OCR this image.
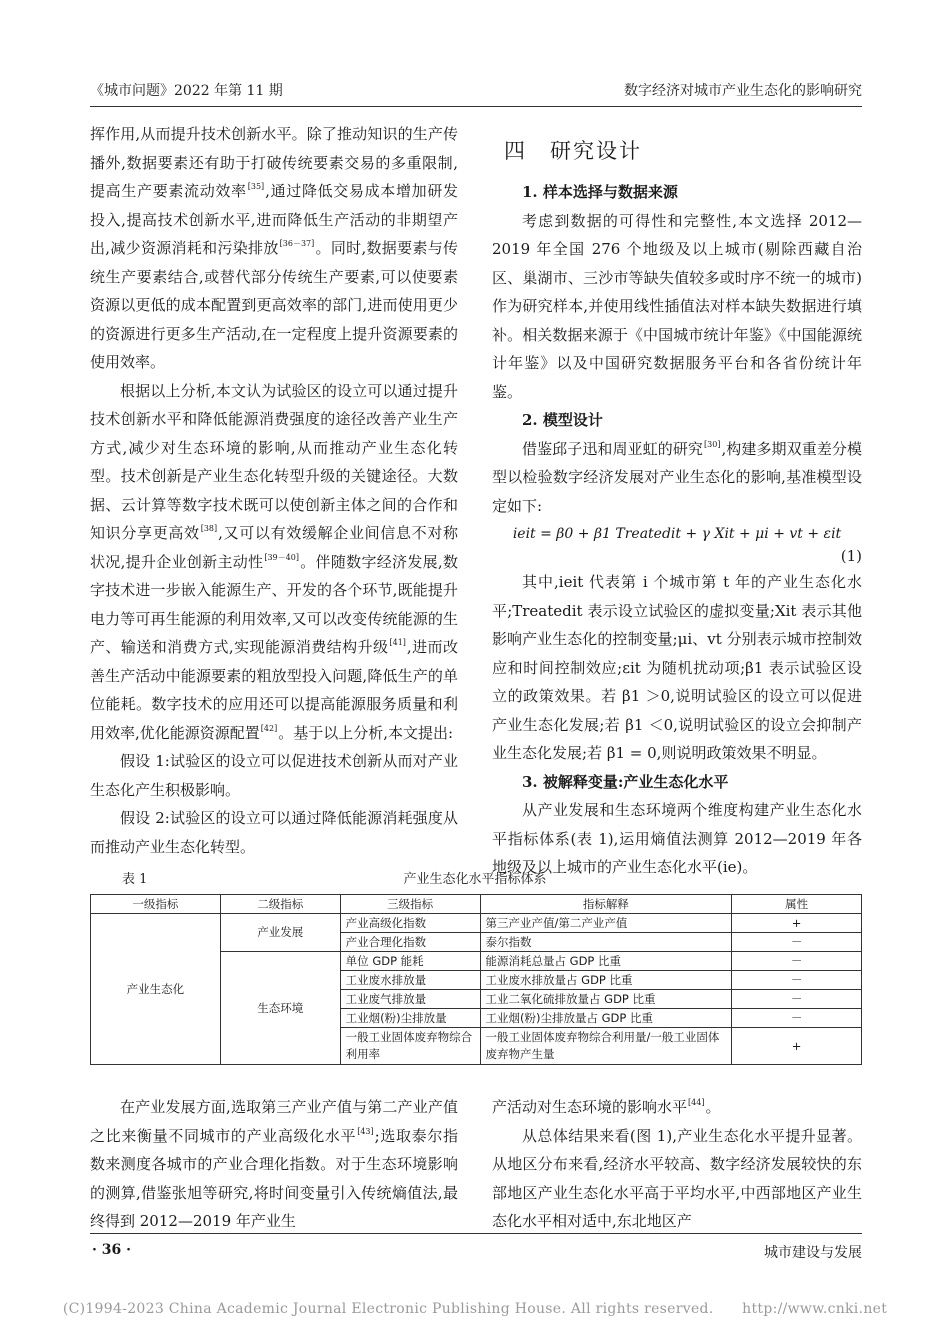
《城市问题》2022 年第 11 期	数字经济对城市产业生态化的影响研究

挥作用,从而提升技术创新水平。除了推动知识的生产传播外,数据要素还有助于打破传统要素交易的多重限制,提高生产要素流动效率[35],通过降低交易成本增加研发投入,提高技术创新水平,进而降低生产活动的非期望产出,减少资源消耗和污染排放[36－37]。同时,数据要素与传统生产要素结合,或替代部分传统生产要素,可以使要素资源以更低的成本配置到更高效率的部门,进而使用更少的资源进行更多生产活动,在一定程度上提升资源要素的使用效率。

根据以上分析,本文认为试验区的设立可以通过提升技术创新水平和降低能源消费强度的途径改善产业生产方式,减少对生态环境的影响,从而推动产业生态化转型。技术创新是产业生态化转型升级的关键途径。大数据、云计算等数字技术既可以使创新主体之间的合作和知识分享更高效[38],又可以有效缓解企业间信息不对称状况,提升企业创新主动性[39－40]。伴随数字经济发展,数字技术进一步嵌入能源生产、开发的各个环节,既能提升电力等可再生能源的利用效率,又可以改变传统能源的生产、输送和消费方式,实现能源消费结构升级[41],进而改善生产活动中能源要素的粗放型投入问题,降低生产的单位能耗。数字技术的应用还可以提高能源服务质量和利用效率,优化能源资源配置[42]。基于以上分析,本文提出:

假设 1:试验区的设立可以促进技术创新从而对产业生态化产生积极影响。

假设 2:试验区的设立可以通过降低能源消耗强度从而推动产业生态化转型。

四　研究设计

1. 样本选择与数据来源

考虑到数据的可得性和完整性,本文选择 2012—2019 年全国 276 个地级及以上城市(剔除西藏自治区、巢湖市、三沙市等缺失值较多或时序不统一的城市)作为研究样本,并使用线性插值法对样本缺失数据进行填补。相关数据来源于《中国城市统计年鉴》《中国能源统计年鉴》以及中国研究数据服务平台和各省份统计年鉴。

2. 模型设计

借鉴邱子迅和周亚虹的研究[30],构建多期双重差分模型以检验数字经济发展对产业生态化的影响,基准模型设定如下:

ieit = β0 + β1 Treatedit + γ Xit + μi + vt + εit
(1)

其中,ieit 代表第 i 个城市第 t 年的产业生态化水平;Treatedit 表示设立试验区的虚拟变量;Xit 表示其他影响产业生态化的控制变量;μi、vt 分别表示城市控制效应和时间控制效应;εit 为随机扰动项;β1 表示试验区设立的政策效果。若 β1 ＞0,说明试验区的设立可以促进产业生态化发展;若 β1 ＜0,说明试验区的设立会抑制产业生态化发展;若 β1 = 0,则说明政策效果不明显。

3. 被解释变量:产业生态化水平

从产业发展和生态环境两个维度构建产业生态化水平指标体系(表 1),运用熵值法测算 2012—2019 年各地级及以上城市的产业生态化水平(ie)。

产业生态化水平指标体系
表 1
一级指标	二级指标	三级指标	指标解释	属性
产业生态化	产业发展	产业高级化指数	第三产业产值/第二产业产值	+
		产业合理化指数	泰尔指数	－
	生态环境	单位 GDP 能耗	能源消耗总量占 GDP 比重	－
		工业废水排放量	工业废水排放量占 GDP 比重	－
		工业废气排放量	工业二氧化硫排放量占 GDP 比重	－
		工业烟(粉)尘排放量	工业烟(粉)尘排放量占 GDP 比重	－
		一般工业固体废弃物综合利用率	一般工业固体废弃物综合利用量/一般工业固体废弃物产生量	+

在产业发展方面,选取第三产业产值与第二产业产值之比来衡量不同城市的产业高级化水平[43];选取泰尔指数来测度各城市的产业合理化指数。对于生态环境影响的测算,借鉴张旭等研究,将时间变量引入传统熵值法,最终得到 2012—2019 年产业生

产活动对生态环境的影响水平[44]。

从总体结果来看(图 1),产业生态化水平提升显著。从地区分布来看,经济水平较高、数字经济发展较快的东部地区产业生态化水平高于平均水平,中西部地区产业生态化水平相对适中,东北地区产

· 36 ·	城市建设与发展
(C)1994-2023 China Academic Journal Electronic Publishing House. All rights reserved.　　http://www.cnki.net
